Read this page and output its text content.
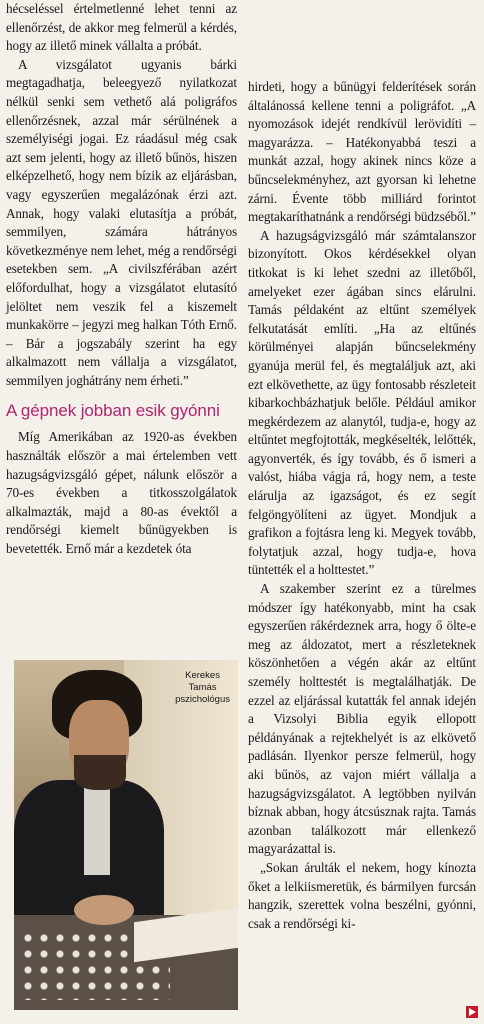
hécseléssel értelmetlenné lehet tenni az ellenőrzést, de akkor meg felmerül a kérdés, hogy az illető minek vállalta a próbát.

A vizsgálatot ugyanis bárki megtagadhatja, beleegyező nyilatkozat nélkül senki sem vethető alá poligráfos ellenőrzésnek, azzal már sérülnének a személyiségi jogai. Ez ráadásul még csak azt sem jelenti, hogy az illető bűnös, hiszen elképzelhető, hogy nem bízik az eljárásban, vagy egyszerűen megalázónak érzi azt. Annak, hogy valaki elutasítja a próbát, semmilyen, számára hátrányos következménye nem lehet, még a rendőrségi esetekben sem. „A civilszférában azért előfordulhat, hogy a vizsgálatot elutasító jelöltet nem veszik fel a kiszemelt munkakörre – jegyzi meg halkan Tóth Ernő. – Bár a jogszabály szerint ha egy alkalmazott nem vállalja a vizsgálatot, semmilyen joghátrány nem érheti.”

A gépnek jobban esik gyónni

Míg Amerikában az 1920-as években használták először a mai értelemben vett hazugságvizsgáló gépet, nálunk először a 70-es években a titkosszolgálatok alkalmazták, majd a 80-as évektől a rendőrségi kiemelt bűnügyekben is bevetették. Ernő már a kezdetek óta

hirdeti, hogy a bűnügyi felderítések során általánossá kellene tenni a poligráfot. „A nyomozások idejét rendkívül lerövidíti – magyarázza. – Hatékonyabbá teszi a munkát azzal, hogy akinek nincs köze a bűncselekményhez, azt gyorsan ki lehetne zárni. Évente több milliárd forintot megtakaríthatnánk a rendőrségi büdzséből.”

A hazugságvizsgáló már számtalanszor bizonyított. Okos kérdésekkel olyan titkokat is ki lehet szedni az illetőből, amelyeket ezer ágában sincs elárulni. Tamás példaként az eltűnt személyek felkutatását említi. „Ha az eltűnés körülményei alapján bűncselekmény gyanúja merül fel, és megtaláljuk azt, aki ezt elkövethette, az ügy fontosabb részleteit kibarkochbázhatjuk belőle. Például amikor megkérdezem az alanytól, tudja-e, hogy az eltűntet megfojtották, megkéselték, lelőtték, agyonverték, és így tovább, és ő ismeri a valóst, hiába vágja rá, hogy nem, a teste elárulja az igazságot, és ez segít felgöngyölíteni az ügyet. Mondjuk a grafikon a fojtásra leng ki. Megyek tovább, folytatjuk azzal, hogy tudja-e, hova tüntették el a holttestet.”

A szakember szerint ez a türelmes módszer így hatékonyabb, mint ha csak egyszerűen rákérdeznek arra, hogy ő ölte-e meg az áldozatot, mert a részleteknek köszönhetően a végén akár az eltűnt személy holttestét is megtalálhatják. De ezzel az eljárással kutatták fel annak idején a Vizsolyi Biblia egyik ellopott példányának a rejtekhelyét is az elkövető padlásán. Ilyenkor persze felmerül, hogy aki bűnös, az vajon miért vállalja a hazugságvizsgálatot. A legtöbben nyilván bíznak abban, hogy átcsúsznak rajta. Tamás azonban találkozott már ellenkező magyarázattal is.

„Sokan árulták el nekem, hogy kínozta őket a lelkiismeretük, és bármilyen furcsán hangzik, szerettek volna beszélni, gyónni, csak a rendőrségi ki-

Kerekes
Tamás
pszichológus
